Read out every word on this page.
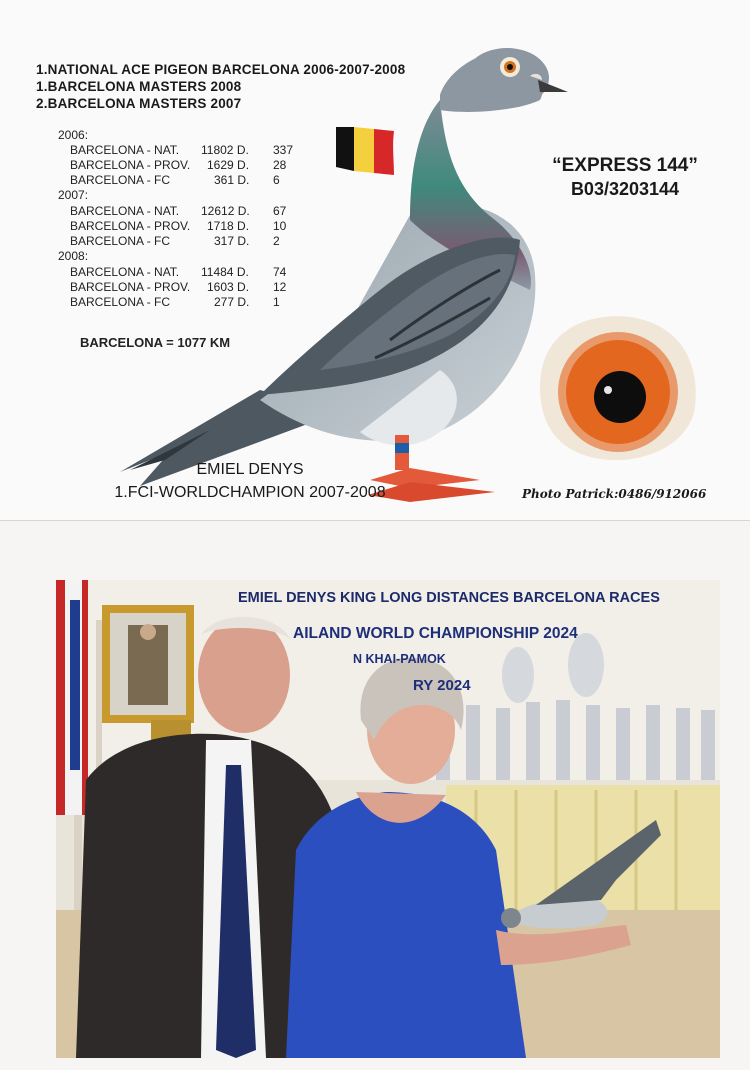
1.NATIONAL ACE PIGEON BARCELONA 2006-2007-2008
1.BARCELONA MASTERS 2008
2.BARCELONA MASTERS 2007
2006:
BARCELONA - NAT. 11802 D. 337
BARCELONA - PROV. 1629 D. 28
BARCELONA - FC	361 D. 6
2007:
BARCELONA - NAT. 12612 D. 67
BARCELONA - PROV. 1718 D. 10
BARCELONA - FC	317 D. 2
2008:
BARCELONA - NAT. 11484 D. 74
BARCELONA - PROV. 1603 D. 12
BARCELONA - FC	277 D. 1
BARCELONA = 1077 KM
“EXPRESS 144”
B03/3203144
EMIEL DENYS
1.FCI-WORLDCHAMPION 2007-2008	Photo Patrick:0486/912066
EMIEL DENYS KING LONG DISTANCES BARCELONA RACES
AILAND WORLD CHAMPIONSHIP 2024
N KHAI-PAMOK
RY 2024
